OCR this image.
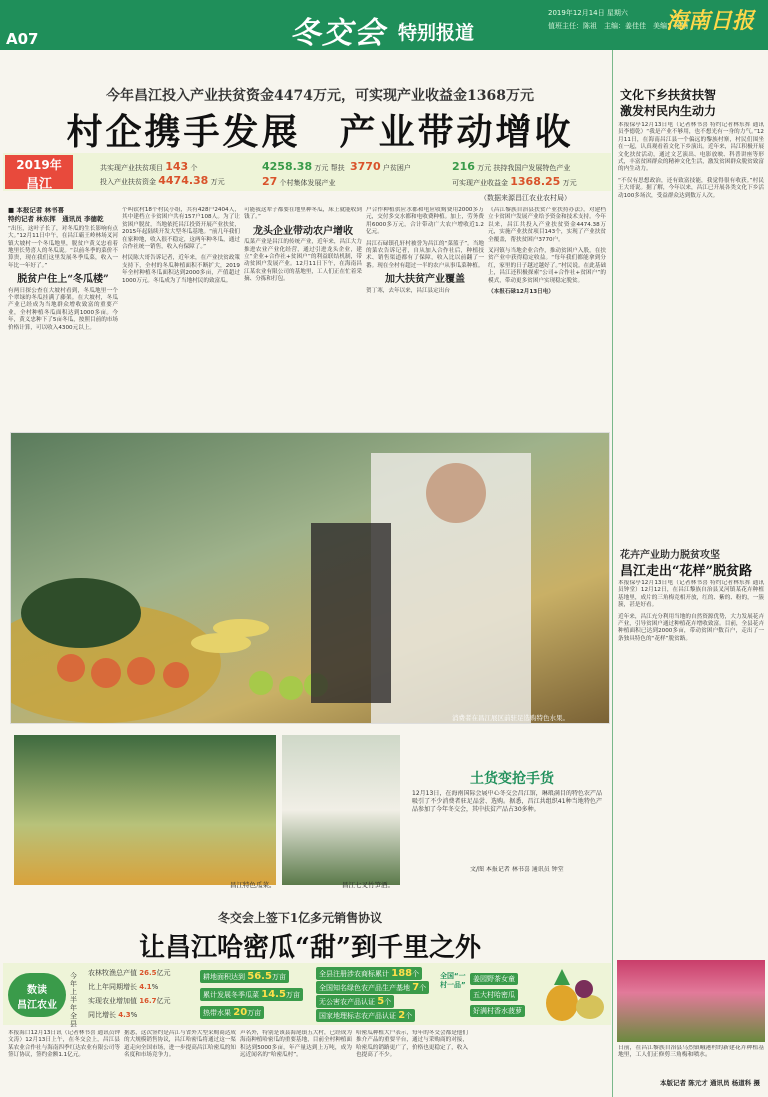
A07	冬交会 特别报道
2019年12月14日 星期六
值班主任：陈祖　主编：姜佳佳　美编：杨娟
海南日报
今年昌江投入产业扶贫资金4474万元，可实现产业收益金1368万元
村企携手发展　产业带动增收
2019年
昌江
共实现产业扶贫项目 143 个
投入产业扶贫资金 4474.38 万元
4258.38 万元 帮扶 3770 户贫困户
27 个村集体发展产业
216 万元 扶持我国户发展特色产业
可实现产业收益金 1368.25 万元
（数据来源昌江农业农村局）
■ 本报记者 林书喜
特约记者 林东挥　通讯员 李德乾
“出压，这叶子长了，对冬瓜的生长影响有点大。”12月11日中午，在昌江霸王岭林场叉河镇大坡村一个冬瓜地里，脱贫户黄义忠看着地里长势喜人的冬瓜说。“以前冬季的菜价不算贵，现在我们这里发展冬季瓜菜，收入一年比一年好了。”
脱贫户住上“冬瓜楼”
有两日探公查在大坡村看到，冬瓜地里一个个翠绿的冬瓜挂满了藤架。在大坡村，冬瓜产业已经成为当地群众增收致富的重要产业，全村种植冬瓜面积达到1000多亩。今年，黄义忠种下了5亩冬瓜，按照目前的市场价格计算，可以收入4300元以上。
个叫钦村18个村民小组，共有428户2404人，其中建档立卡贫困户共有157户108人。为了让贫困户脱贫，当地依托昌江投资开展产业扶贫，2015年起陆续开发大型冬瓜基地。“前几年我们在家种地，收入很不稳定，这两年种冬瓜，通过合作社统一销售，收入有保障了。”
村民陈大哥告诉记者，近年来，在产业扶贫政策支持下，全村的冬瓜种植面积不断扩大，2019年全村种植冬瓜面积达到2000多亩，产值超过1000万元。冬瓜成为了当地村民的致富瓜。
可能我这辈子都要在地里种冬瓜，床上就能收到钱了。”
龙头企业带动农户增收
瓜菜产业是昌江的传统产业，近年来，昌江大力推进农业产业化经营，通过引进龙头企业，建立“企业+合作社+贫困户”的利益联结机制，带动贫困户发展产业。12月11日下午，在海南昌江某农业有限公司的基地里，工人们正在忙着采摘、分拣和打包。
户合作种植供应水都和电应收购费用2000多万元，交付多交水都和电收费种植。加上，劳务费用6000多万元，合计带动广大农户增收近1.2亿元。
昌江石碌镇孔轩村被誉为昌江的“菜篮子”。当地的菜农告诉记者，自从加入合作社后，种植技术、销售渠道都有了保障，收入比以前翻了一番。现在全村有超过一半的农户从事瓜菜种植。
加大扶贫产业覆盖
贺丁寒，去年以来，昌江县定出台
《昌江黎族自治县扶贫产业扶持办法》，对建档立卡贫困户发展产业给予资金和技术支持。今年以来，昌江共投入产业扶贫资金4474.38万元，实施产业扶贫项目143个，实现了产业扶贫全覆盖，帮扶贫困户3770户。
叉河镇与当地企业合作，推动贫困户入股，在扶贫产业中获得稳定收益。“每年我们都能拿到分红，家里的日子越过越好了。”村民说。在此基础上，昌江还积极探索“公司+合作社+贫困户”的模式，带动更多贫困户实现稳定脱贫。
（本报石碌12月13日电）
消费者在昌江展区前驻足选购特色水果。
昌江特色瓜菜。	昌江七叉竹笋酒。
土货变抢手货
12月13日，在海南国际会展中心冬交会昌江馆，琳琅满目的特色农产品吸引了不少消费者驻足品尝、选购。据悉，昌江共组织41种当地特色产品参加了今年冬交会，其中扶贫产品占30多种。
文/图 本报记者 林书喜 通讯员 钟堂
冬交会上签下1亿多元销售协议
让昌江哈密瓜“甜”到千里之外
数读
昌江农业
今年上半年全县
农林牧渔总产值 26.5亿元
比上年同期增长 4.1%
实现农业增加值 16.7亿元
同比增长 4.3%
耕地面积达到 56.5万亩
累计发展冬季瓜菜 14.5万亩
热带水果 20万亩
全县注册涉农商标累计 188个
全国知名绿色农产品生产基地 7个
无公害农产品认证 5个
国家地理标志农产品认证 2个
全国“一村一品”
姜园野茶女童
五大村哈密瓜
好满村香水菠萝
本报海口12月13日讯（记者林书喜 通讯员钟文涛）12月13日上午，在冬交会上，昌江县某农业合作社与海南四季红达农业有限公司等签订协议，签约金额1.1亿元。
据悉，这次签约是昌江与省外大型采购商达成的大规模销售协议，昌江哈密瓜将通过这一渠道走向全国市场，进一步提高昌江哈密瓜的知名度和市场竞争力。
声名外，特别是该县海尾镇五大村，已经成为海南种植哈密瓜的重要基地，目前全村种植面积达到5000多亩，年产量达到上万吨，成为远近闻名的“哈密瓜村”。
哈密瓜种植大户表示，每年的冬交会都是他们推介产品的重要平台，通过与采购商的对接，哈密瓜的销路更广了，价格也更稳定了，收入也提高了不少。
文化下乡扶贫扶智
激发村民内生动力
本报保亭12月13日电（记者林书喜 特约记者林东挥 通讯员李德乾）“我是产业不够用，也不想光有一身的力气。”12月11日，在海南昌江县一个偏远的黎族村寨，村民们围坐在一起，认真观看着文化下乡演出。近年来，昌江积极开展文化扶贫活动，通过文艺演出、电影放映、科普讲座等形式，丰富贫困群众的精神文化生活，激发贫困群众脱贫致富的内生动力。
“不仅有思想政治，还有致富技能，我觉得很有收获。”村民王大哥说。据了解，今年以来，昌江已开展各类文化下乡活动100多场次，受益群众达到数万人次。
花卉产业助力脱贫攻坚
昌江走出“花样”脱贫路
本报保亭12月13日电（记者林书喜 特约记者林东挥 通讯员钟堂）12月12日，在昌江黎族自治县叉河镇某花卉种植基地里，成片的三角梅竞相开放，红的、紫的、粉的，一簇簇，甚是好看。
近年来，昌江充分利用当地的自然资源优势，大力发展花卉产业，引导贫困户通过种植花卉增收致富。目前，全县花卉种植面积已达到2000多亩，带动贫困户数百户，走出了一条独具特色的“花样”脱贫路。
日前，在昌江黎族自治县乌烈镇峨港村的新建花卉种植基地里，工人们正修剪三角梅和喷水。
本版记者 陈元才 通讯员 杨道科 摄
